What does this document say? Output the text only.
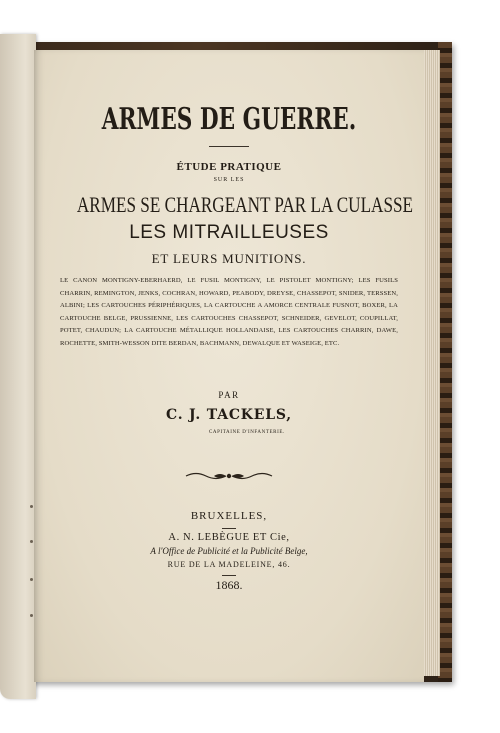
ARMES DE GUERRE.
ÉTUDE PRATIQUE
SUR LES
ARMES SE CHARGEANT PAR LA CULASSE
LES MITRAILLEUSES
ET LEURS MUNITIONS.
LE CANON MONTIGNY-EBERHAERD, LE FUSIL MONTIGNY, LE PISTOLET MONTIGNY; LES FUSILS CHARRIN, REMINGTON, JENKS, COCHRAN, HOWARD, PEABODY, DREYSE, CHASSEPOT, SNIDER, TERSSEN, ALBINI; LES CARTOUCHES PÉRIPHÉRIQUES, LA CARTOUCHE A AMORCE CENTRALE FUSNOT, BOXER, LA CARTOUCHE BELGE, PRUSSIENNE, LES CARTOUCHES CHASSEPOT, SCHNEIDER, GEVELOT, COUPILLAT, POTET, CHAUDUN; LA CARTOUCHE MÉTALLIQUE HOLLANDAISE, LES CARTOUCHES CHARRIN, DAWE, ROCHETTE, SMITH-WESSON DITE BERDAN, BACHMANN, DEWALQUE ET WASEIGE, ETC.
PAR
C. J. TACKELS,
CAPITAINE D'INFANTERIE.
BRUXELLES,
A. N. LEBÈGUE ET Cie,
A l'Office de Publicité et la Publicité Belge,
RUE DE LA MADELEINE, 46.
1868.
